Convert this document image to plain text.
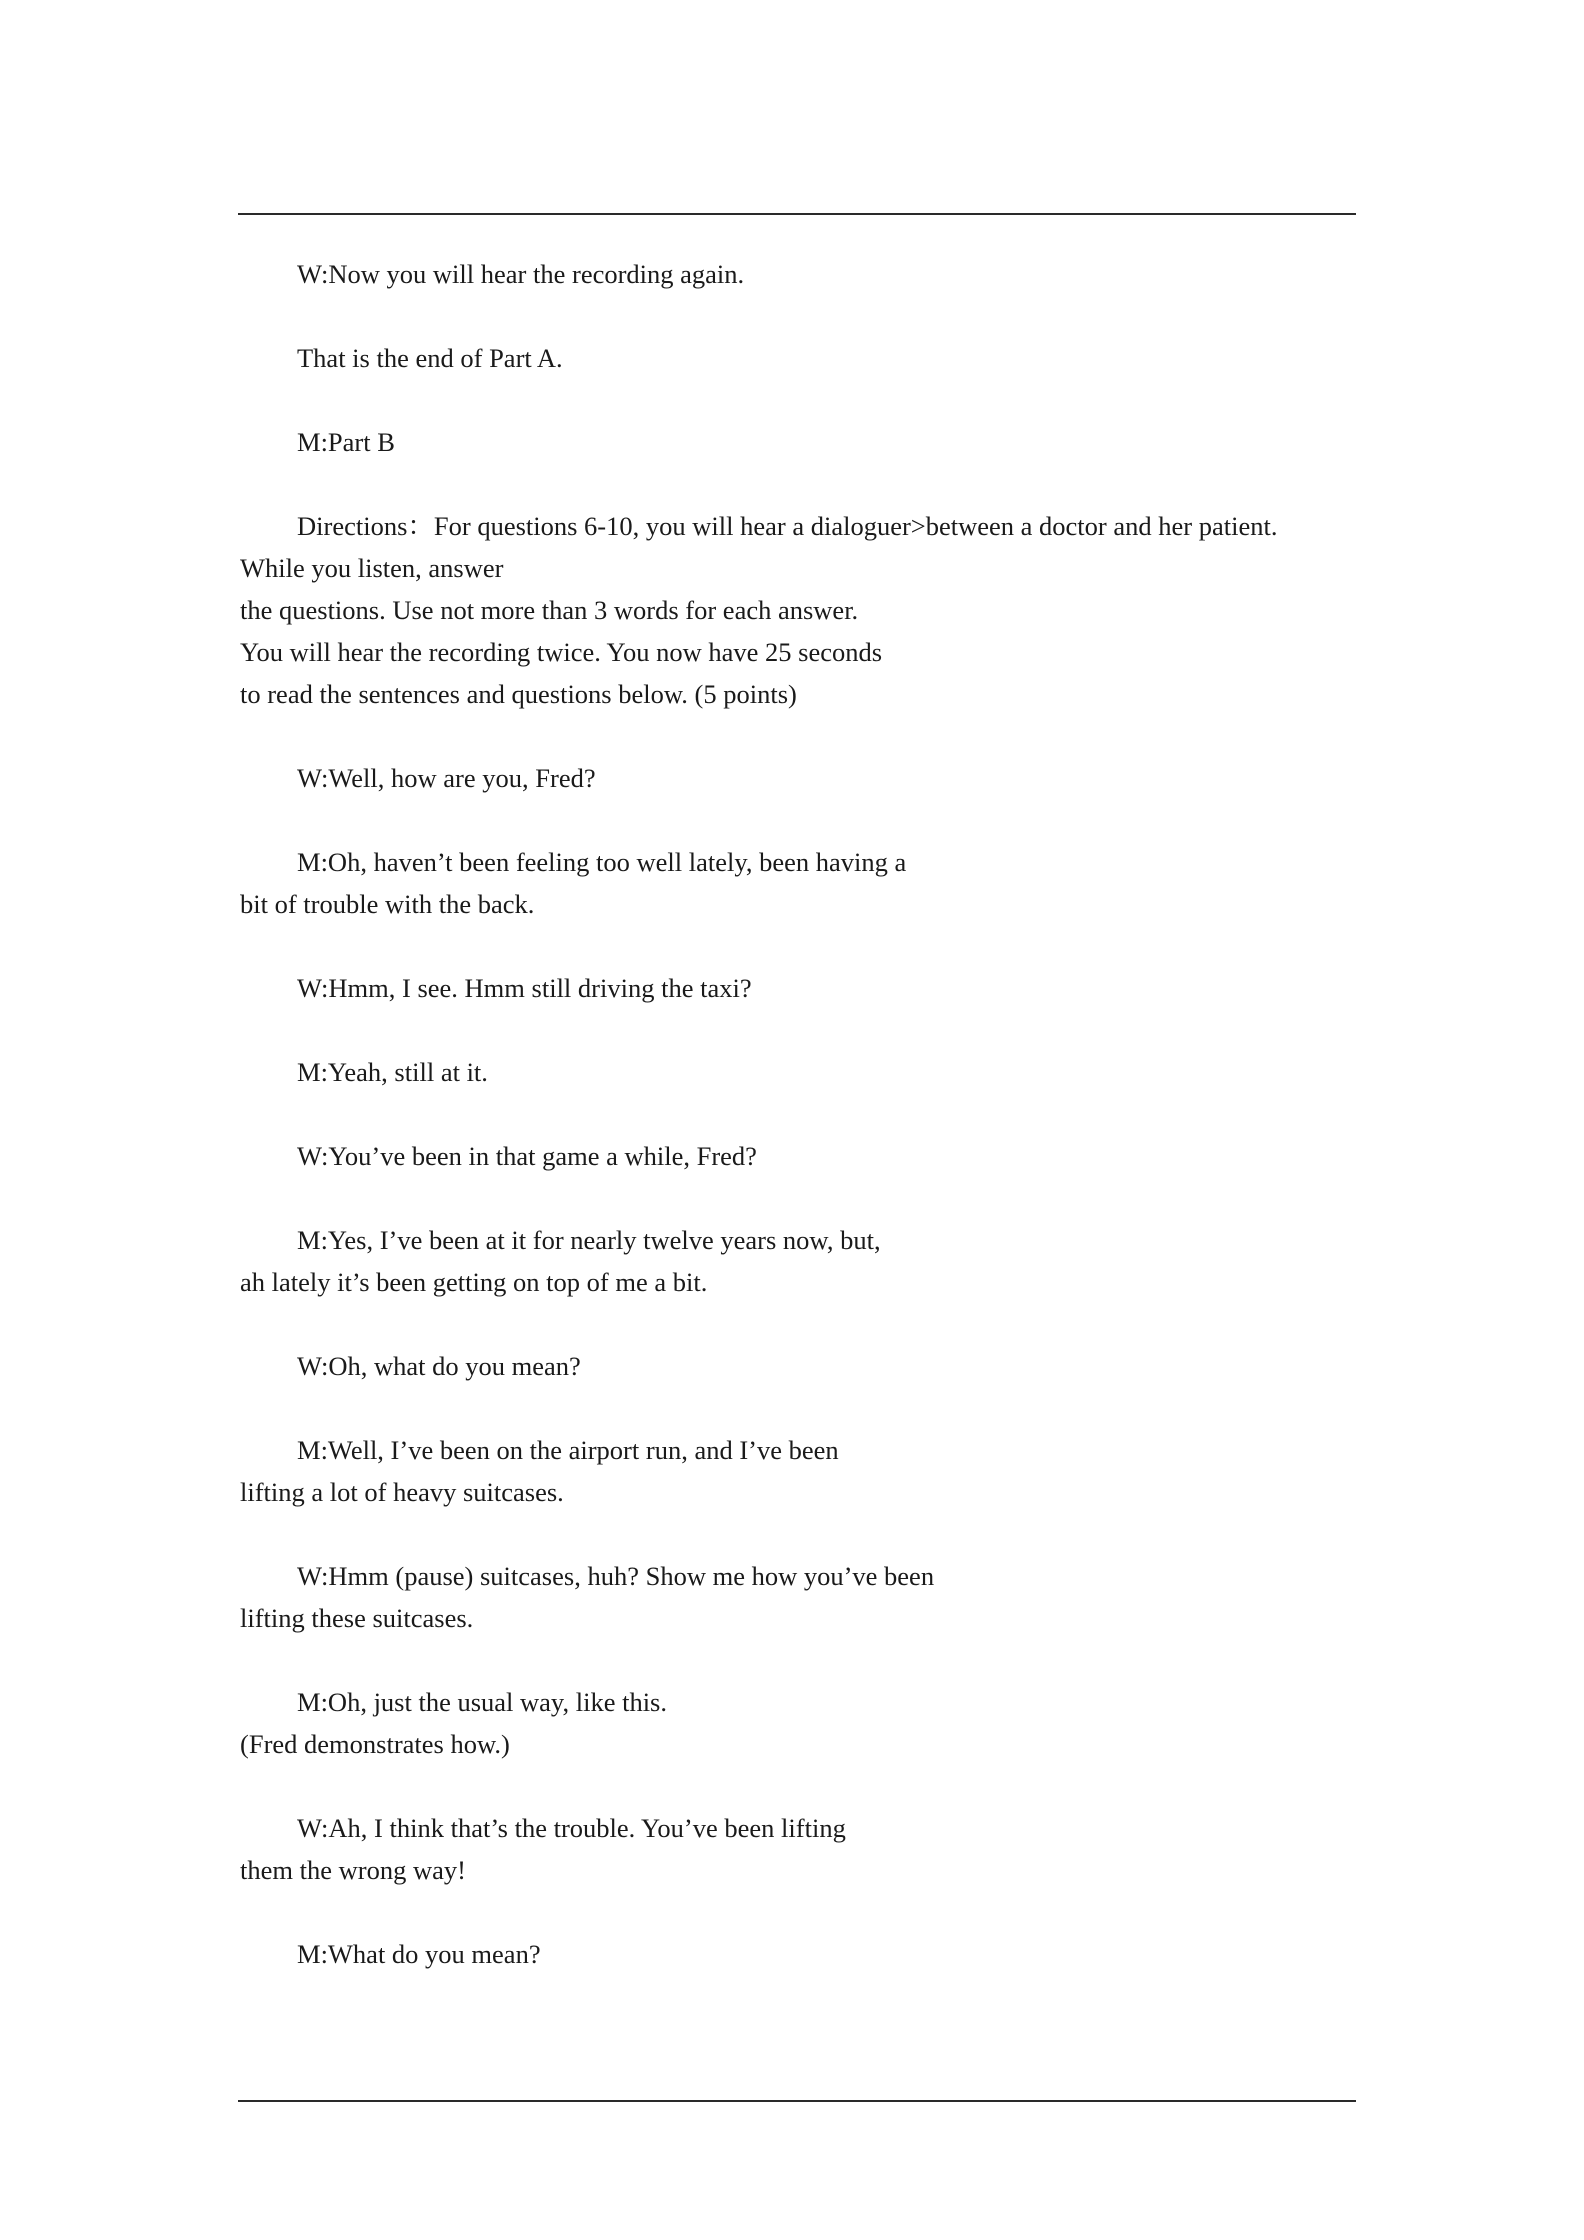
W:Now you will hear the recording again.

That is the end of Part A.

M:Part B

Directions：For questions 6-10, you will hear a dialoguer>between a doctor and her patient.
While you listen, answer
the questions. Use not more than 3 words for each answer.
You will hear the recording twice. You now have 25 seconds
to read the sentences and questions below. (5 points)

W:Well, how are you, Fred?

M:Oh, haven’t been feeling too well lately, been having a
bit of trouble with the back.

W:Hmm, I see. Hmm still driving the taxi?

M:Yeah, still at it.

W:You’ve been in that game a while, Fred?

M:Yes, I’ve been at it for nearly twelve years now, but,
ah lately it’s been getting on top of me a bit.

W:Oh, what do you mean?

M:Well, I’ve been on the airport run, and I’ve been
lifting a lot of heavy suitcases.

W:Hmm (pause) suitcases, huh? Show me how you’ve been
lifting these suitcases.

M:Oh, just the usual way, like this.
(Fred demonstrates how.)

W:Ah, I think that’s the trouble. You’ve been lifting
them the wrong way!

M:What do you mean?
